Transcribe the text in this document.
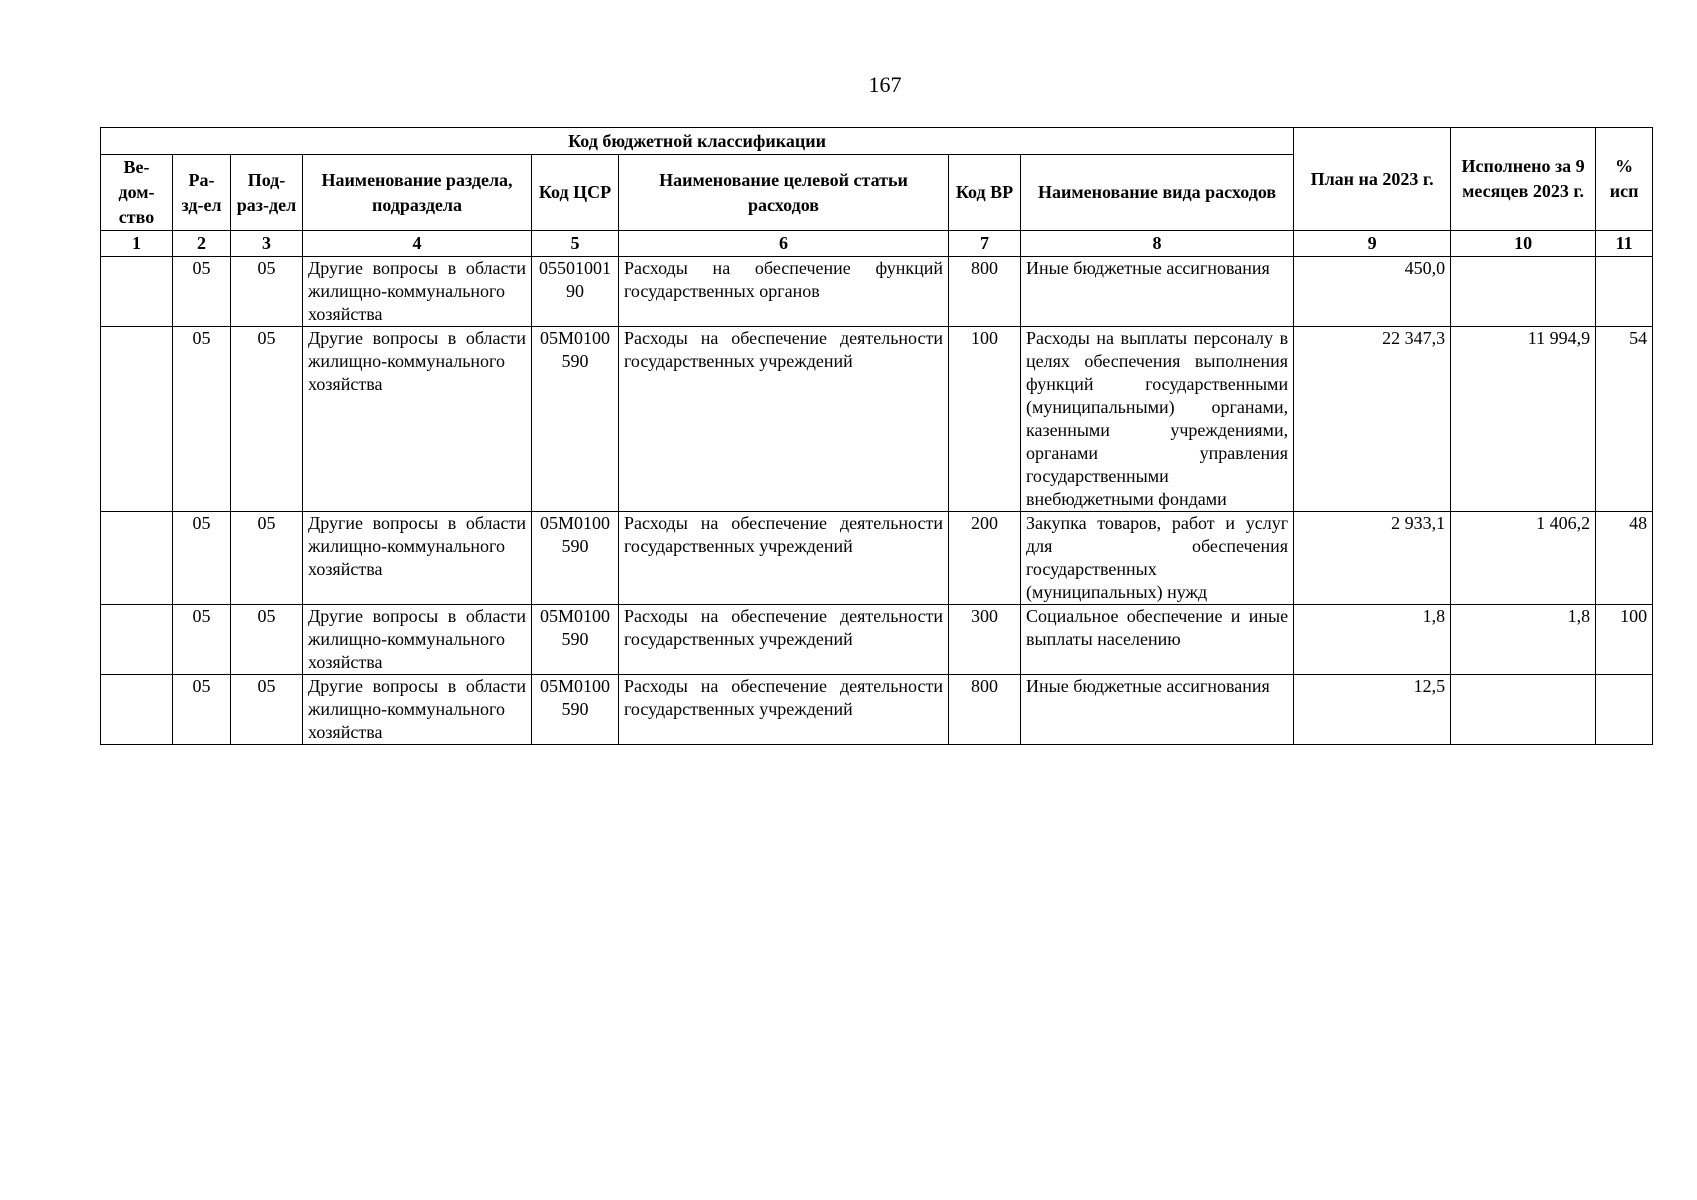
167
Код бюджетной классификации								План на 2023 г.	Исполнено за 9 месяцев 2023 г.	% исп
Ве-дом-ство	Ра-зд-ел	Под-раз-дел	Наименование раздела, подраздела	Код ЦСР	Наименование целевой статьи расходов	Код ВР	Наименование вида расходов			
1	2	3	4	5	6	7	8	9	10	11
	05	05	Другие вопросы в области жилищно-коммунального хозяйства	0550100190	Расходы на обеспечение функций государственных органов	800	Иные бюджетные ассигнования	450,0		
	05	05	Другие вопросы в области жилищно-коммунального хозяйства	05М0100590	Расходы на обеспечение деятельности государственных учреждений	100	Расходы на выплаты персоналу в целях обеспечения выполнения функций государственными (муниципальными) органами, казенными учреждениями, органами управления государственными внебюджетными фондами	22 347,3	11 994,9	54
	05	05	Другие вопросы в области жилищно-коммунального хозяйства	05М0100590	Расходы на обеспечение деятельности государственных учреждений	200	Закупка товаров, работ и услуг для обеспечения государственных (муниципальных) нужд	2 933,1	1 406,2	48
	05	05	Другие вопросы в области жилищно-коммунального хозяйства	05М0100590	Расходы на обеспечение деятельности государственных учреждений	300	Социальное обеспечение и иные выплаты населению	1,8	1,8	100
	05	05	Другие вопросы в области жилищно-коммунального хозяйства	05М0100590	Расходы на обеспечение деятельности государственных учреждений	800	Иные бюджетные ассигнования	12,5		
